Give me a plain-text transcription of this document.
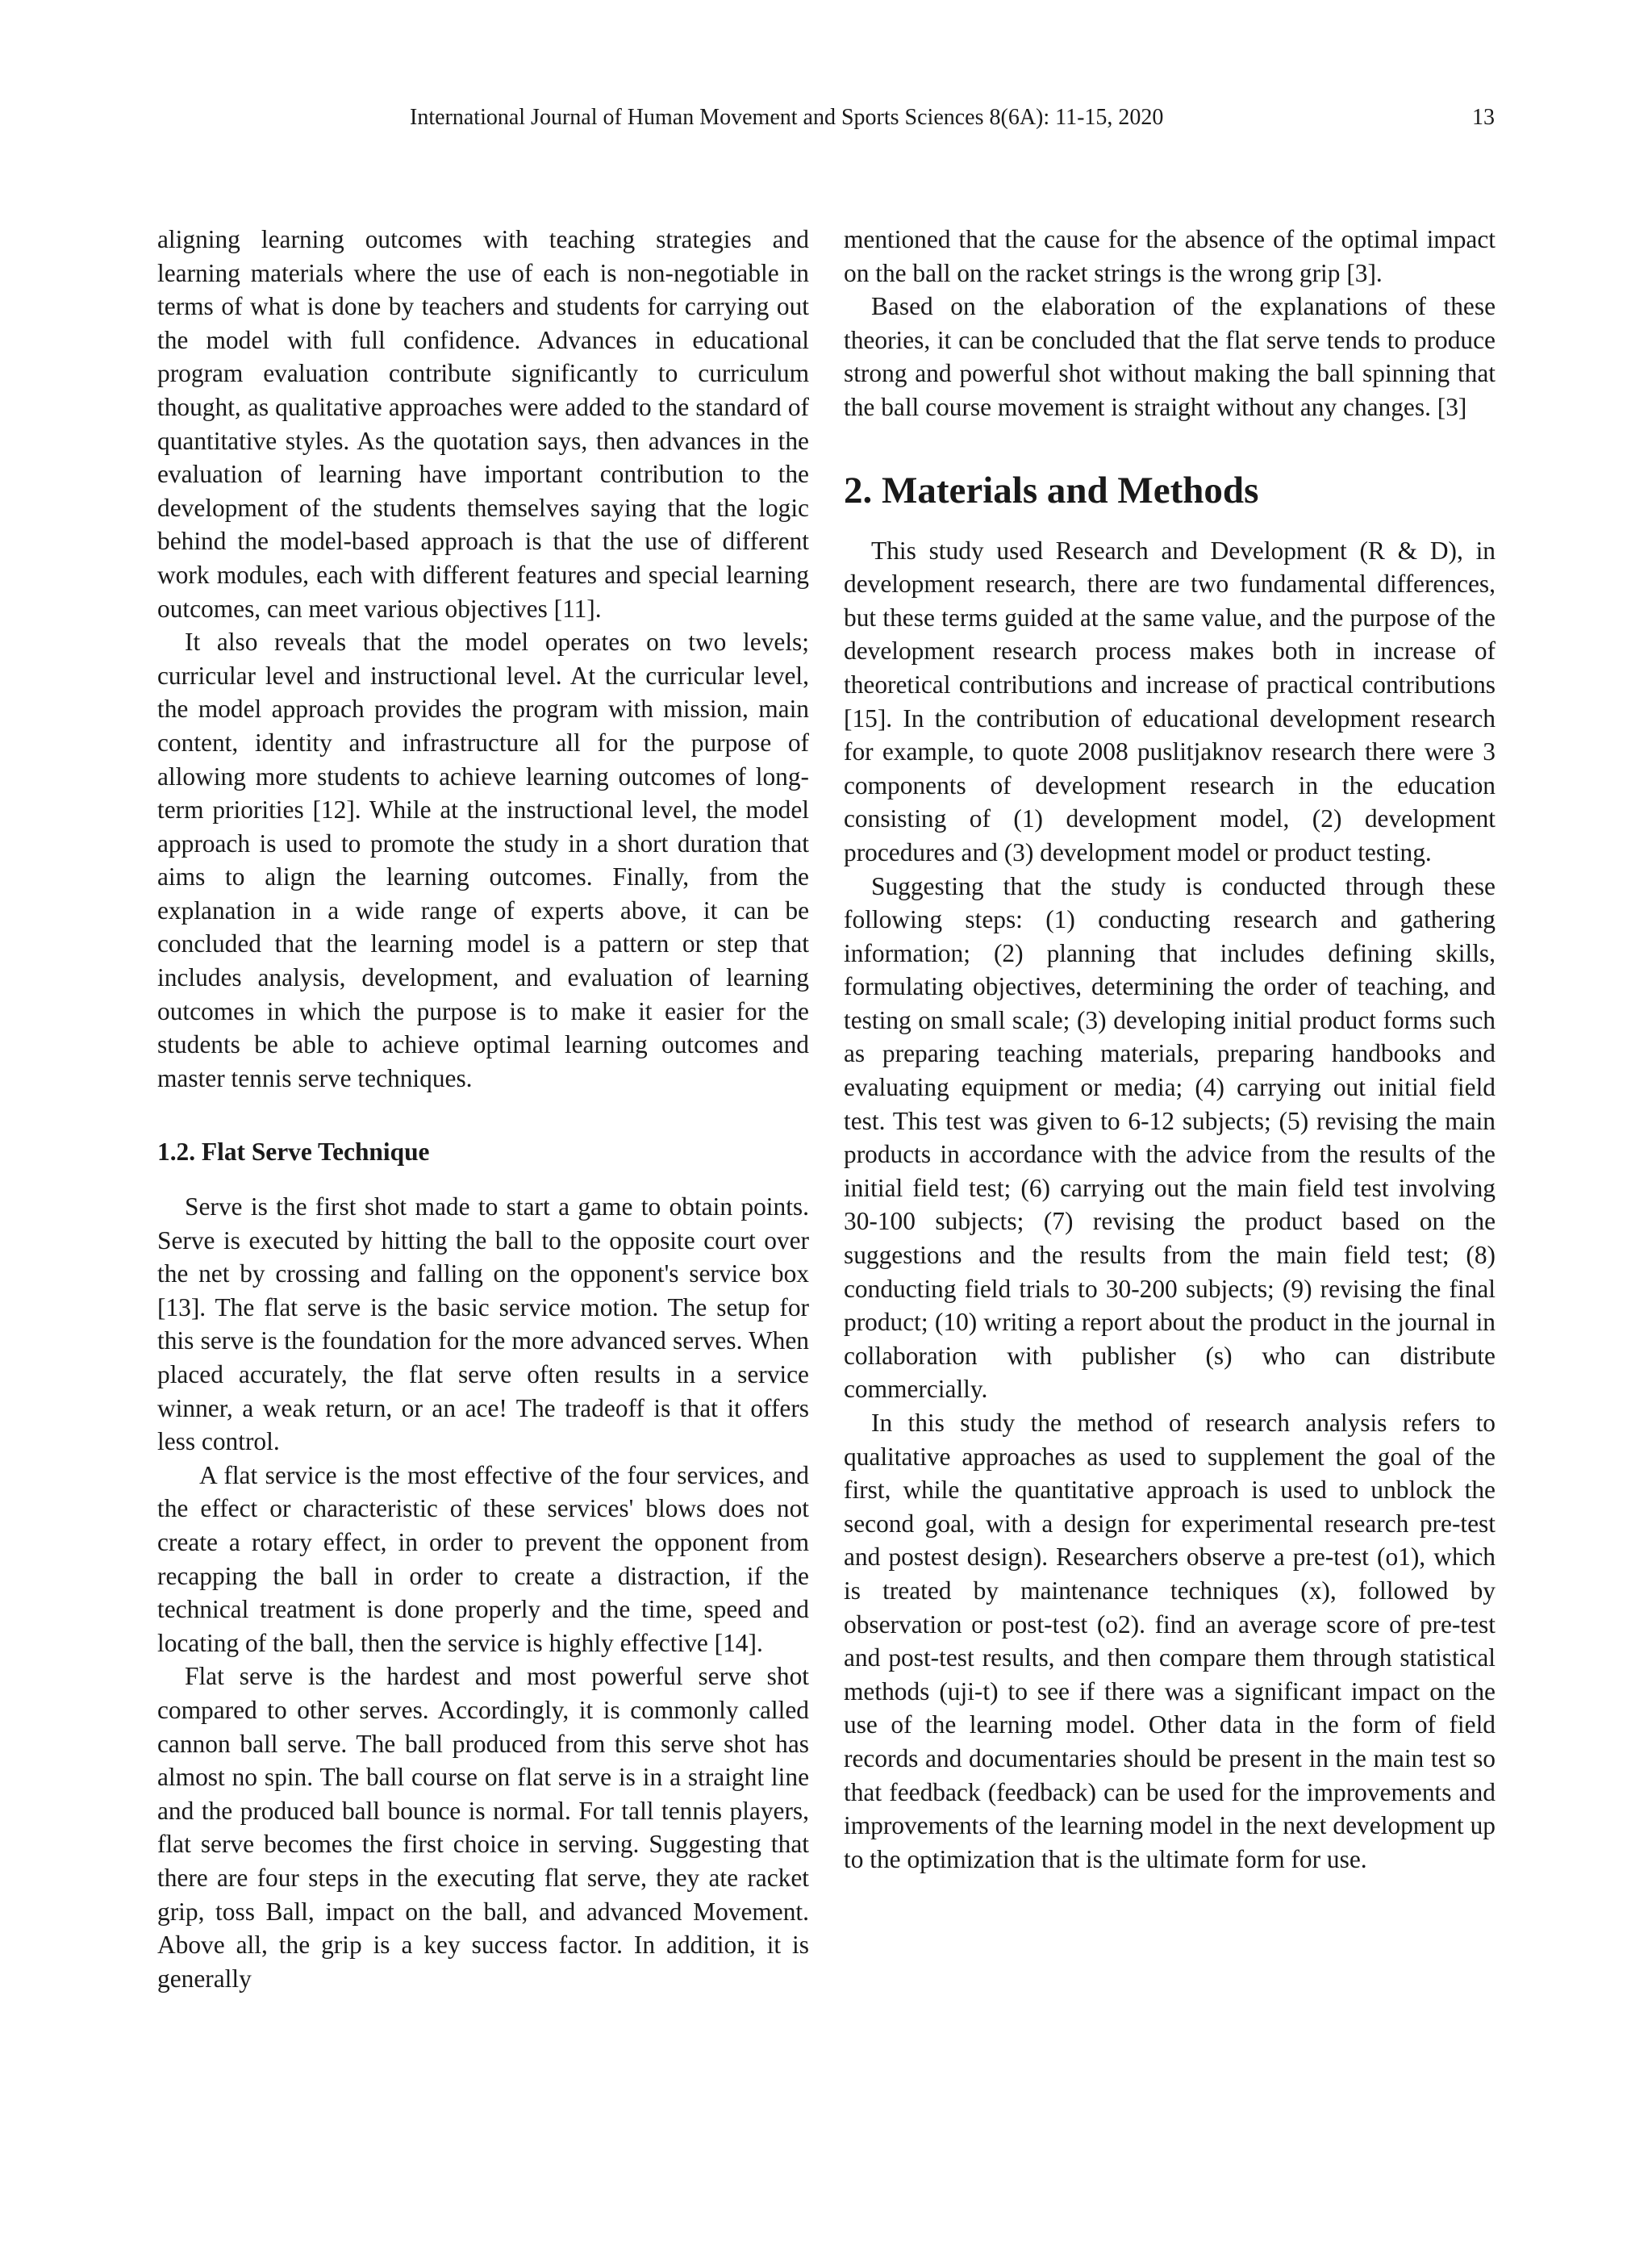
International Journal of Human Movement and Sports Sciences 8(6A): 11-15, 2020	13

aligning learning outcomes with teaching strategies and learning materials where the use of each is non-negotiable in terms of what is done by teachers and students for carrying out the model with full confidence. Advances in educational program evaluation contribute significantly to curriculum thought, as qualitative approaches were added to the standard of quantitative styles. As the quotation says, then advances in the evaluation of learning have important contribution to the development of the students themselves saying that the logic behind the model-based approach is that the use of different work modules, each with different features and special learning outcomes, can meet various objectives [11].

It also reveals that the model operates on two levels; curricular level and instructional level. At the curricular level, the model approach provides the program with mission, main content, identity and infrastructure all for the purpose of allowing more students to achieve learning outcomes of long-term priorities [12]. While at the instructional level, the model approach is used to promote the study in a short duration that aims to align the learning outcomes. Finally, from the explanation in a wide range of experts above, it can be concluded that the learning model is a pattern or step that includes analysis, development, and evaluation of learning outcomes in which the purpose is to make it easier for the students be able to achieve optimal learning outcomes and master tennis serve techniques.

1.2. Flat Serve Technique

Serve is the first shot made to start a game to obtain points. Serve is executed by hitting the ball to the opposite court over the net by crossing and falling on the opponent's service box [13]. The flat serve is the basic service motion. The setup for this serve is the foundation for the more advanced serves. When placed accurately, the flat serve often results in a service winner, a weak return, or an ace! The tradeoff is that it offers less control.

A flat service is the most effective of the four services, and the effect or characteristic of these services' blows does not create a rotary effect, in order to prevent the opponent from recapping the ball in order to create a distraction, if the technical treatment is done properly and the time, speed and locating of the ball, then the service is highly effective [14].

Flat serve is the hardest and most powerful serve shot compared to other serves. Accordingly, it is commonly called cannon ball serve. The ball produced from this serve shot has almost no spin. The ball course on flat serve is in a straight line and the produced ball bounce is normal. For tall tennis players, flat serve becomes the first choice in serving. Suggesting that there are four steps in the executing flat serve, they ate racket grip, toss Ball, impact on the ball, and advanced Movement. Above all, the grip is a key success factor. In addition, it is generally

mentioned that the cause for the absence of the optimal impact on the ball on the racket strings is the wrong grip [3].

Based on the elaboration of the explanations of these theories, it can be concluded that the flat serve tends to produce strong and powerful shot without making the ball spinning that the ball course movement is straight without any changes. [3]

2. Materials and Methods

This study used Research and Development (R & D), in development research, there are two fundamental differences, but these terms guided at the same value, and the purpose of the development research process makes both in increase of theoretical contributions and increase of practical contributions [15]. In the contribution of educational development research for example, to quote 2008 puslitjaknov research there were 3 components of development research in the education consisting of (1) development model, (2) development procedures and (3) development model or product testing.

Suggesting that the study is conducted through these following steps: (1) conducting research and gathering information; (2) planning that includes defining skills, formulating objectives, determining the order of teaching, and testing on small scale; (3) developing initial product forms such as preparing teaching materials, preparing handbooks and evaluating equipment or media; (4) carrying out initial field test. This test was given to 6-12 subjects; (5) revising the main products in accordance with the advice from the results of the initial field test; (6) carrying out the main field test involving 30-100 subjects; (7) revising the product based on the suggestions and the results from the main field test; (8) conducting field trials to 30-200 subjects; (9) revising the final product; (10) writing a report about the product in the journal in collaboration with publisher (s) who can distribute commercially.

In this study the method of research analysis refers to qualitative approaches as used to supplement the goal of the first, while the quantitative approach is used to unblock the second goal, with a design for experimental research pre-test and postest design). Researchers observe a pre-test (o1), which is treated by maintenance techniques (x), followed by observation or post-test (o2). find an average score of pre-test and post-test results, and then compare them through statistical methods (uji-t) to see if there was a significant impact on the use of the learning model. Other data in the form of field records and documentaries should be present in the main test so that feedback (feedback) can be used for the improvements and improvements of the learning model in the next development up to the optimization that is the ultimate form for use.
